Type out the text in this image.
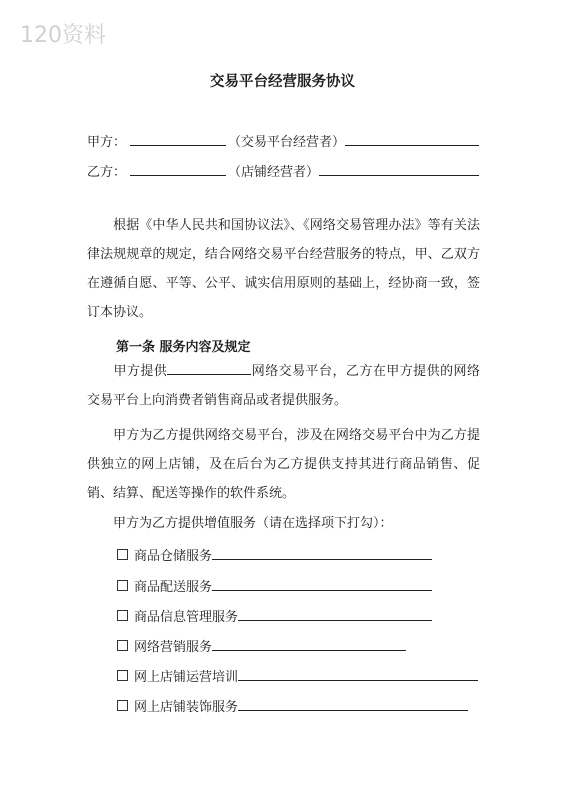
120资料
交易平台经营服务协议
甲方：	（交易平台经营者）
乙方：	（店铺经营者）
根据《中华人民共和国协议法》、《网络交易管理办法》等有关法律法规规章的规定，结合网络交易平台经营服务的特点，甲、乙双方在遵循自愿、平等、公平、诚实信用原则的基础上，经协商一致，签订本协议。
第一条 服务内容及规定
甲方提供	网络交易平台，乙方在甲方提供的网络交易平台上向消费者销售商品或者提供服务。
甲方为乙方提供网络交易平台，涉及在网络交易平台中为乙方提供独立的网上店铺，及在后台为乙方提供支持其进行商品销售、促销、结算、配送等操作的软件系统。
甲方为乙方提供增值服务（请在选择项下打勾）：
商品仓储服务
商品配送服务
商品信息管理服务
网络营销服务
网上店铺运营培训
网上店铺装饰服务
